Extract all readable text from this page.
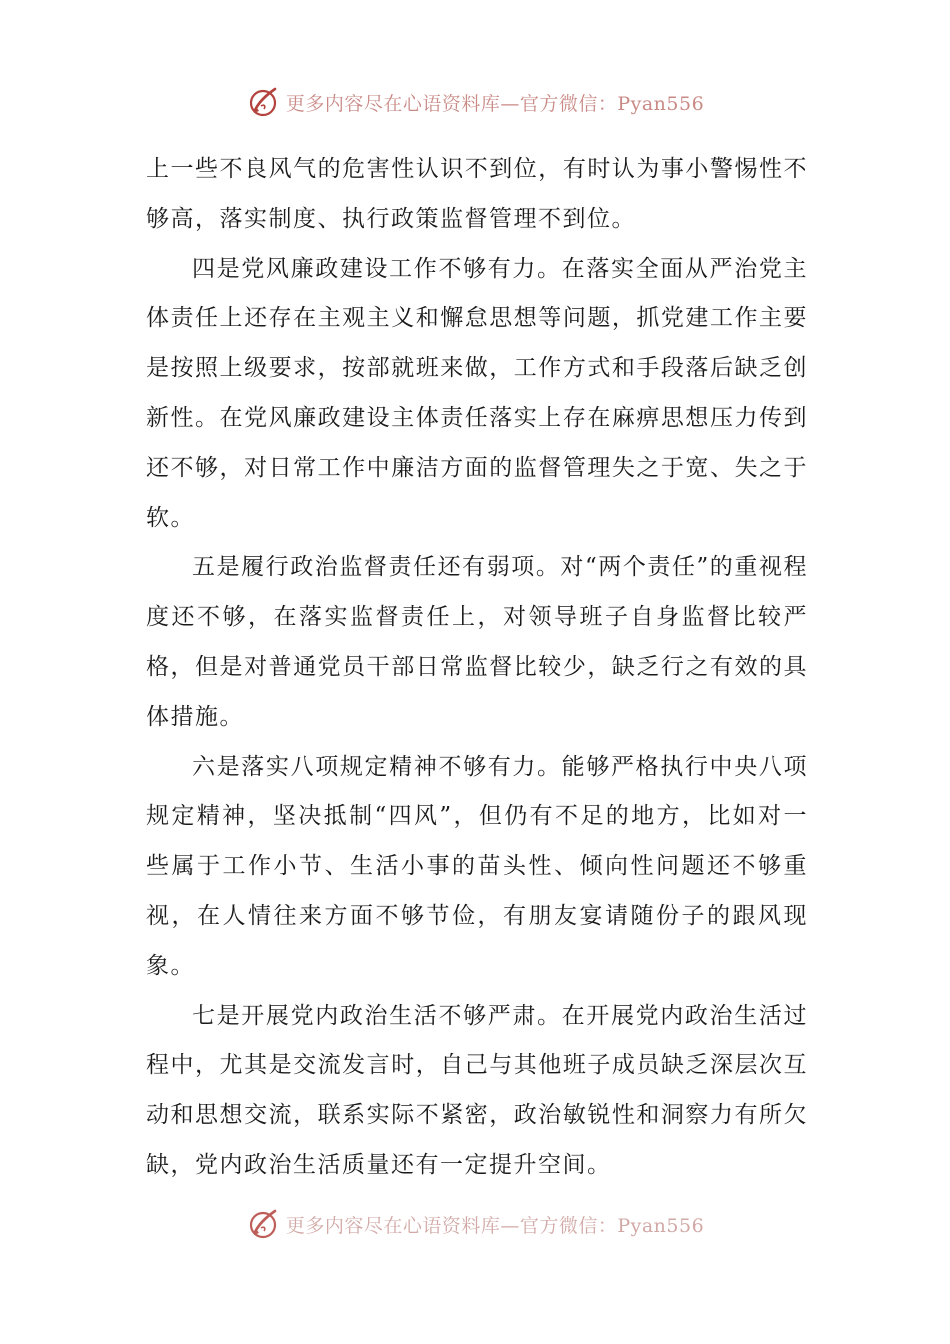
更多内容尽在心语资料库—官方微信：Pyan556

上一些不良风气的危害性认识不到位，有时认为事小警惕性不够高，落实制度、执行政策监督管理不到位。

四是党风廉政建设工作不够有力。在落实全面从严治党主体责任上还存在主观主义和懈怠思想等问题，抓党建工作主要是按照上级要求，按部就班来做，工作方式和手段落后缺乏创新性。在党风廉政建设主体责任落实上存在麻痹思想压力传到还不够，对日常工作中廉洁方面的监督管理失之于宽、失之于软。

五是履行政治监督责任还有弱项。对“两个责任”的重视程度还不够，在落实监督责任上，对领导班子自身监督比较严格，但是对普通党员干部日常监督比较少，缺乏行之有效的具体措施。

六是落实八项规定精神不够有力。能够严格执行中央八项规定精神，坚决抵制“四风”，但仍有不足的地方，比如对一些属于工作小节、生活小事的苗头性、倾向性问题还不够重视，在人情往来方面不够节俭，有朋友宴请随份子的跟风现象。

七是开展党内政治生活不够严肃。在开展党内政治生活过程中，尤其是交流发言时，自己与其他班子成员缺乏深层次互动和思想交流，联系实际不紧密，政治敏锐性和洞察力有所欠缺，党内政治生活质量还有一定提升空间。

更多内容尽在心语资料库—官方微信：Pyan556
